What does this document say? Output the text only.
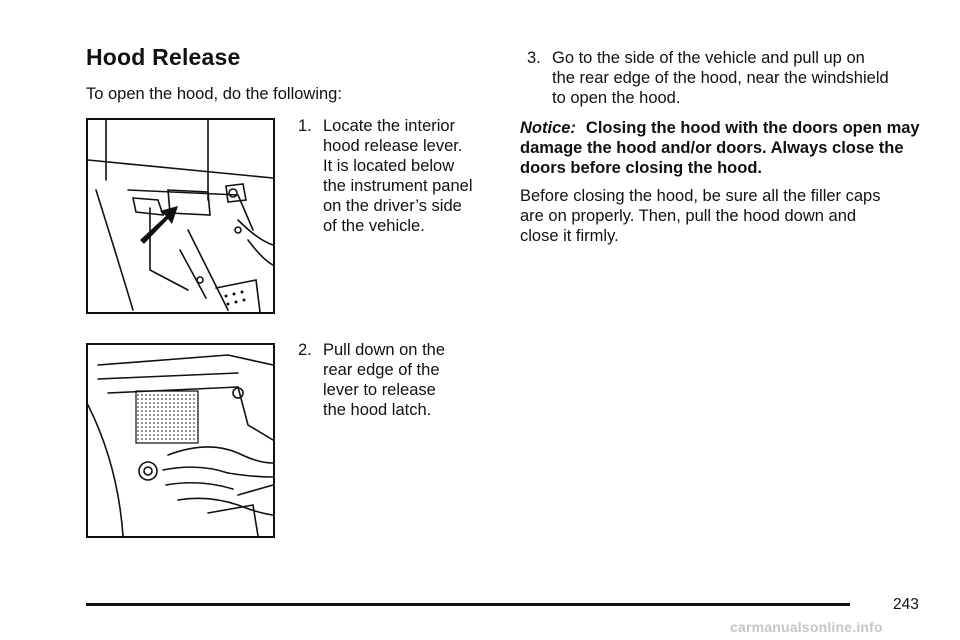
Hood Release
To open the hood, do the following:
1. Locate the interior
hood release lever.
It is located below
the instrument panel
on the driver’s side
of the vehicle.
2. Pull down on the
rear edge of the
lever to release
the hood latch.
3. Go to the side of the vehicle and pull up on
the rear edge of the hood, near the windshield
to open the hood.
Notice: Closing the hood with the doors open may damage the hood and/or doors. Always close the doors before closing the hood.
Before closing the hood, be sure all the filler caps
are on properly. Then, pull the hood down and
close it firmly.
243
carmanualsonline.info
